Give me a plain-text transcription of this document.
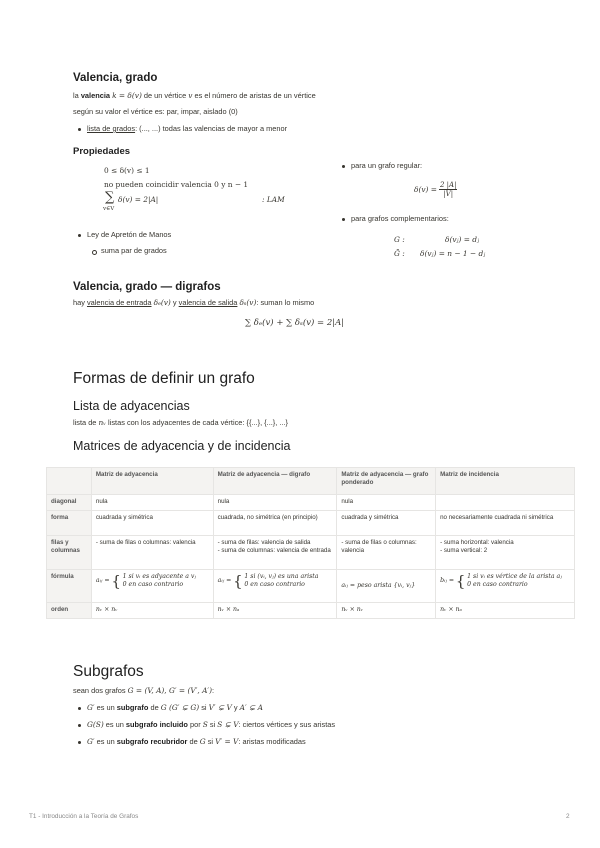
Valencia, grado
la valencia k = δ(v) de un vértice v es el número de aristas de un vértice
según su valor el vértice es: par, impar, aislado (0)
lista de grados: (..., ...) todas las valencias de mayor a menor
Propiedades
0 ≤ δ(v) ≤ 1
no pueden coincidir valencia 0 y n − 1
∑
v∈V
δ(v) = 2|A|	: LAM
Ley de Apretón de Manos
suma par de grados
para un grafo regular:
$\delta(v) = \frac{2 |A|}{|V|}$
para grafos complementarios:
G :	δ(vⱼ) = dⱼ
Ḡ : δ(vⱼ) = n − 1 − dⱼ
Valencia, grado — digrafos
hay valencia de entrada δₑ(v) y valencia de salida δₛ(v): suman lo mismo
∑ δₑ(v) + ∑ δₛ(v) = 2|A|
Formas de definir un grafo
Lista de adyacencias
lista de nᵥ listas con los adyacentes de cada vértice: {{...}, {...}, ...}
Matrices de adyacencia y de incidencia
	Matriz de adyacencia	Matriz de adyacencia — digrafo	Matriz de adyacencia — grafo ponderado	Matriz de incidencia
diagonal	nula	nula	nula	
forma	cuadrada y simétrica	cuadrada, no simétrica (en principio)	cuadrada y simétrica	no necesariamente cuadrada ni simétrica
filas y columnas	- suma de filas o columnas: valencia	- suma de filas: valencia de salida
- suma de columnas: valencia de entrada	- suma de filas o columnas: valencia	- suma horizontal: valencia
- suma vertical: 2
fórmula	aᵢⱼ = { 1 si vᵢ es adyacente a vⱼ
0 en caso contrario	aᵢⱼ = { 1 si (vᵢ, vⱼ) es una arista
0 en caso contrario	aᵢⱼ = peso arista {vᵢ, vⱼ}	bᵢⱼ = { 1 si vᵢ es vértice de la arista aⱼ
0 en caso contrario

orden	nᵥ × nᵥ	nᵥ × nₐ	nᵥ × nᵥ	nᵥ × nₐ
Subgrafos
sean dos grafos G = (V, A), G′ = (V′, A′):
G′ es un subgrafo de G (G′ ⊊ G) si V′ ⊊ V y A′ ⊊ A
G(S) es un subgrafo incluido por S si S ⊊ V: ciertos vértices y sus aristas
G′ es un subgrafo recubridor de G si V′ = V: aristas modificadas
T1 - Introducción a la Teoría de Grafos	2
